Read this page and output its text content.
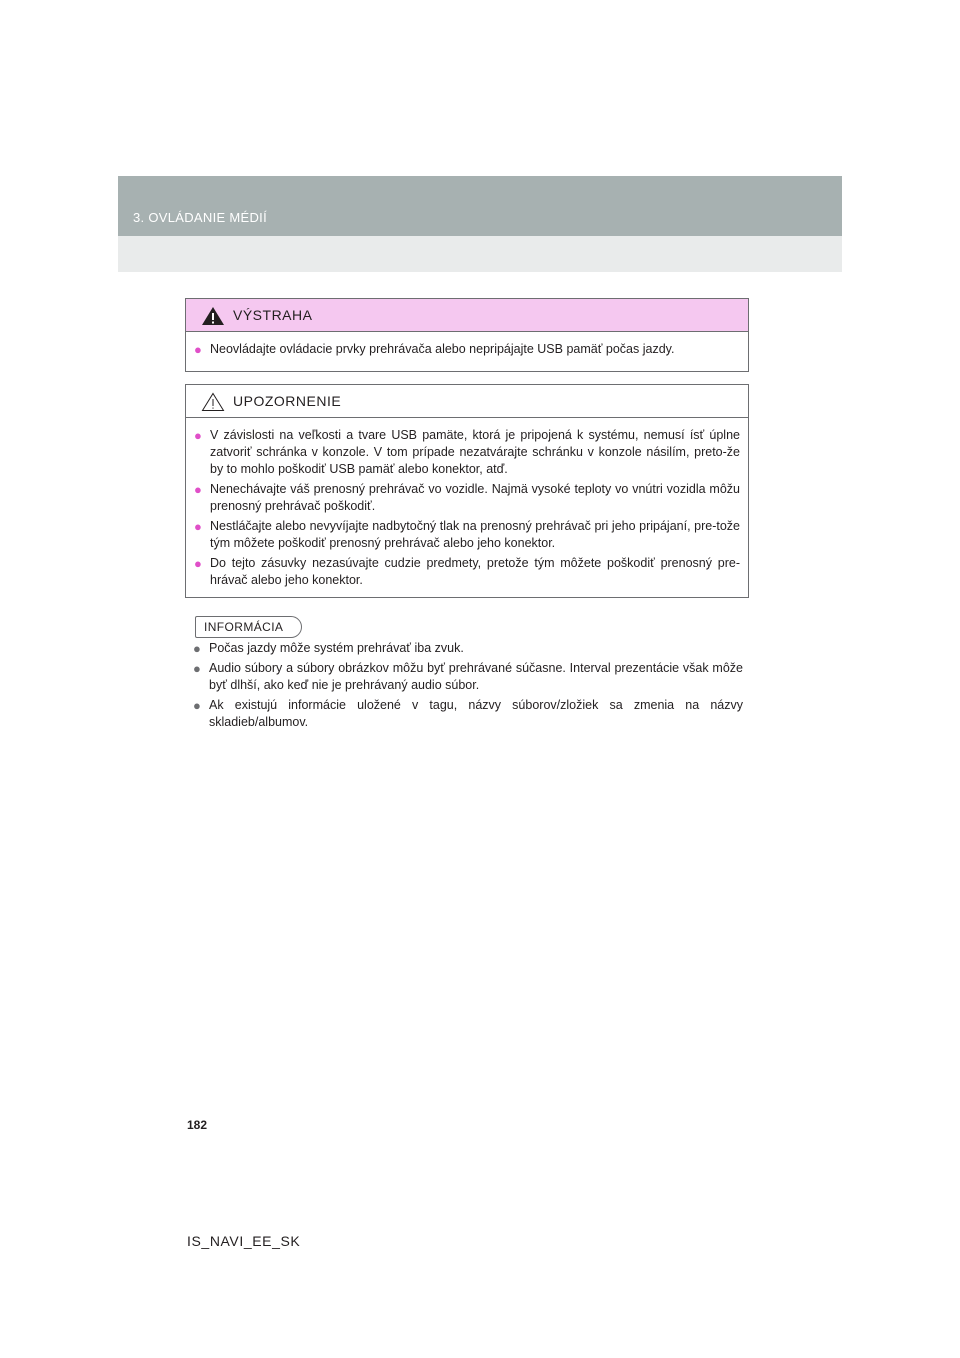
3. OVLÁDANIE MÉDIÍ
VÝSTRAHA
● Neovládajte ovládacie prvky prehrávača alebo nepripájajte USB pamäť počas jazdy.
UPOZORNENIE
● V závislosti na veľkosti a tvare USB pamäte, ktorá je pripojená k systému, nemusí ísť úplne zatvoriť schránka v konzole. V tom prípade nezatvárajte schránku v konzole násilím, preto-že by to mohlo poškodiť USB pamäť alebo konektor, atď.
● Nenechávajte váš prenosný prehrávač vo vozidle. Najmä vysoké teploty vo vnútri vozidla môžu prenosný prehrávač poškodiť.
● Nestláčajte alebo nevyvíjajte nadbytočný tlak na prenosný prehrávač pri jeho pripájaní, pre-tože tým môžete poškodiť prenosný prehrávač alebo jeho konektor.
● Do tejto zásuvky nezasúvajte cudzie predmety, pretože tým môžete poškodiť prenosný pre-hrávač alebo jeho konektor.
INFORMÁCIA
● Počas jazdy môže systém prehrávať iba zvuk.
● Audio súbory a súbory obrázkov môžu byť prehrávané súčasne. Interval prezentácie však môže byť dlhší, ako keď nie je prehrávaný audio súbor.
● Ak existujú informácie uložené v tagu, názvy súborov/zložiek sa zmenia na názvy skladieb/albumov.
182
IS_NAVI_EE_SK
